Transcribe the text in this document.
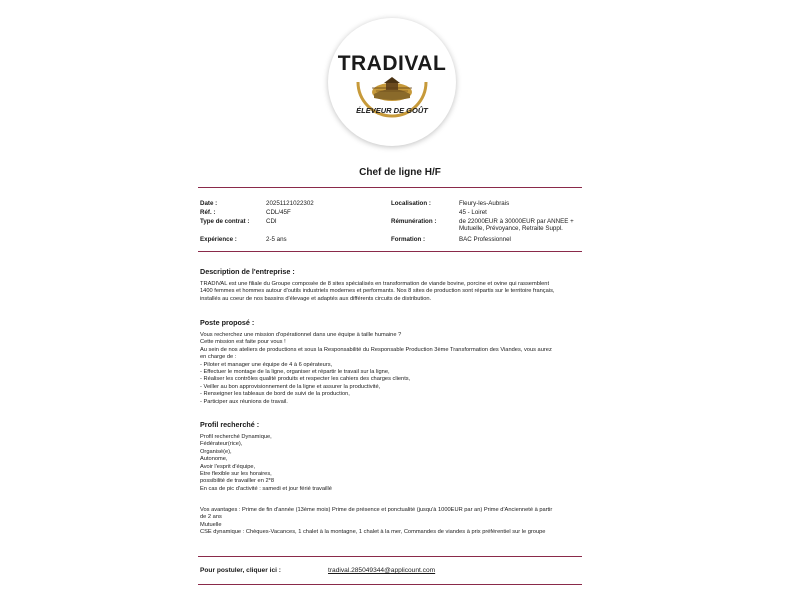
TRADIVAL
ÉLEVEUR DE GOÛT
Chef de ligne H/F
Date :	20251121022302
Réf. :	CDL/45F
Type de contrat :	CDI
Expérience :	2-5 ans
Localisation :	Fleury-les-Aubrais
45 - Loiret
Rémunération :	de 22000EUR à 30000EUR par ANNEE +
Mutuelle, Prévoyance, Retraite Suppl.
Formation :	BAC Professionnel
Description de l'entreprise :
TRADIVAL est une filiale du Groupe composée de 8 sites spécialisés en transformation de viande bovine, porcine et ovine qui rassemblent
1400 femmes et hommes autour d'outils industriels modernes et performants. Nos 8 sites de production sont répartis sur le territoire français,
installés au coeur de nos bassins d'élevage et adaptés aux différents circuits de distribution.
Poste proposé :
Vous recherchez une mission d'opérationnel dans une équipe à taille humaine ?
Cette mission est faite pour vous !
Au sein de nos ateliers de productions et sous la Responsabilité du Responsable Production 3ème Transformation des Viandes, vous aurez
en charge de :
- Piloter et manager une équipe de 4 à 6 opérateurs,
- Effectuer le montage de la ligne, organiser et répartir le travail sur la ligne,
- Réaliser les contrôles qualité produits et respecter les cahiers des charges clients,
- Veiller au bon approvisionnement de la ligne et assurer la productivité,
- Renseigner les tableaux de bord de suivi de la production,
- Participer aux réunions de travail.
Profil recherché :
Profil recherché Dynamique,
Fédérateur(rice),
Organisé(e),
Autonome,
Avoir l'esprit d'équipe,
Etre flexible sur les horaires,
possibilité de travailler en 2*8
En cas de pic d'activité : samedi et jour férié travaillé
Vos avantages : Prime de fin d'année (13ème mois) Prime de présence et ponctualité (jusqu'à 1000EUR par an) Prime d'Ancienneté à partir
de 2 ans
Mutuelle
CSE dynamique : Chèques-Vacances, 1 chalet à la montagne, 1 chalet à la mer, Commandes de viandes à prix préférentiel sur le groupe
Pour postuler, cliquer ici :	tradival.285049344@applicount.com
